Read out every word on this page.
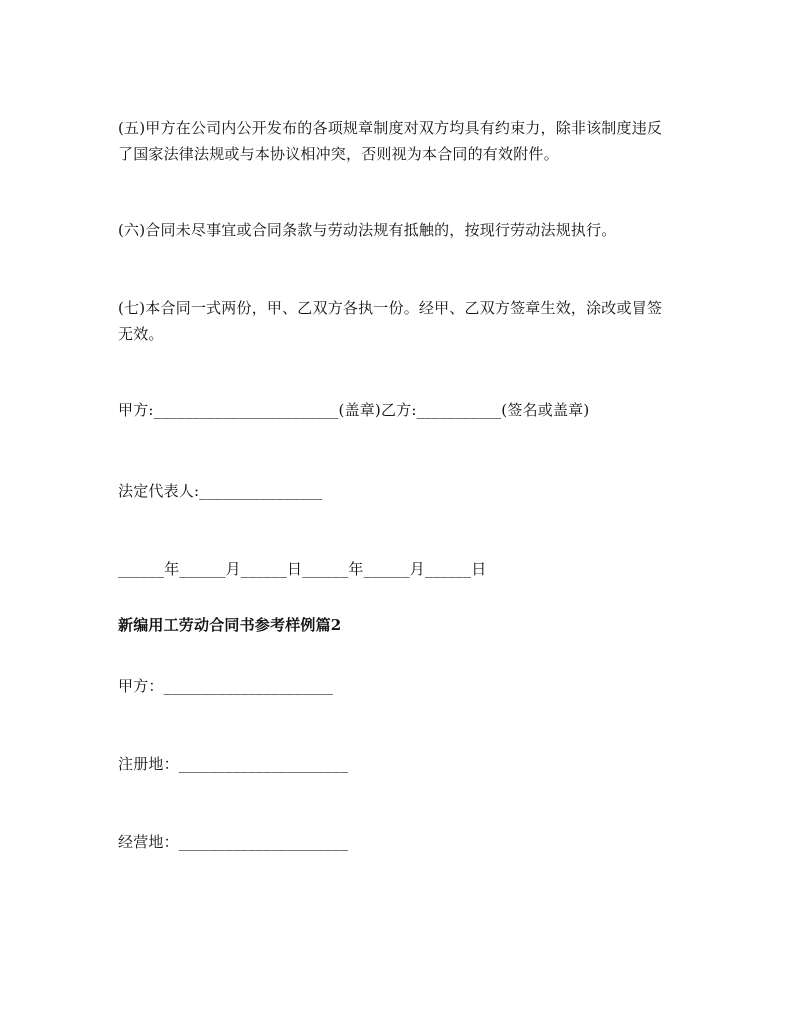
(五)甲方在公司内公开发布的各项规章制度对双方均具有约束力，除非该制度违反
了国家法律法规或与本协议相冲突，否则视为本合同的有效附件。
(六)合同未尽事宜或合同条款与劳动法规有抵触的，按现行劳动法规执行。
(七)本合同一式两份，甲、乙双方各执一份。经甲、乙双方签章生效，涂改或冒签
无效。
甲方:________________________(盖章)乙方:___________(签名或盖章)
法定代表人:________________
______年______月______日______年______月______日
新编用工劳动合同书参考样例篇2
甲方：______________________
注册地：______________________
经营地：______________________
